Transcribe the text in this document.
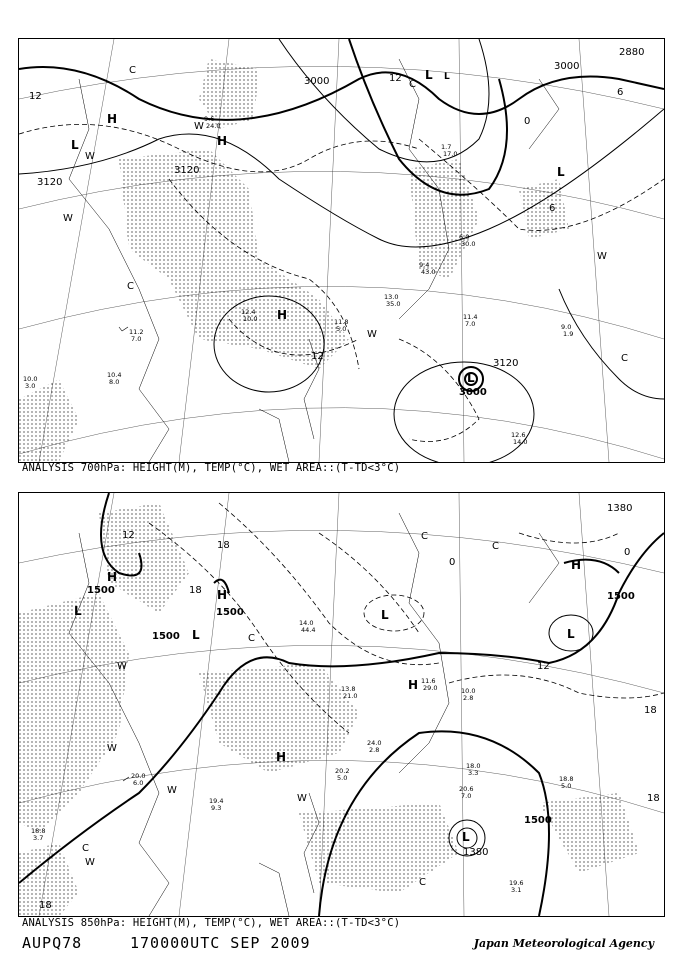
3000
3000
2880
3120
3120
3120
3000
12
12
12
6
6
0
L
H
H
L
H
L
L
L
W
W
W
W
W
C
C
C
C
11.2
7.0
10.4
8.0
10.0
3.0
12.4
10.0	11.8
5.0
13.0
35.0
9.4
43.0
6.0
30.0
11.4
7.0	9.0
1.9
12.6
14.0
9.6
24.0
1.7
17.0
ANALYSIS 700hPa: HEIGHT(M), TEMP(°C), WET AREA::(T-TD<3°C)
1500
1500
1500
1500
1500
1380
1380
12
18
18
12
18
18
18
0
0
H
L
H
L
L
H
H
H
L
L
W
W
W
W
W
C
C
C
C
C
20.0
6.0
19.4
9.3
18.8
3.7
13.8
21.0
11.6
29.0	10.0
2.8
18.0
3.3
20.6
7.0
18.8
5.0
19.6
3.1
24.0
2.8
20.2
5.0
14.0
44.4
ANALYSIS 850hPa: HEIGHT(M), TEMP(°C), WET AREA::(T-TD<3°C)
AUPQ78	170000UTC SEP 2009	Japan Meteorological Agency
